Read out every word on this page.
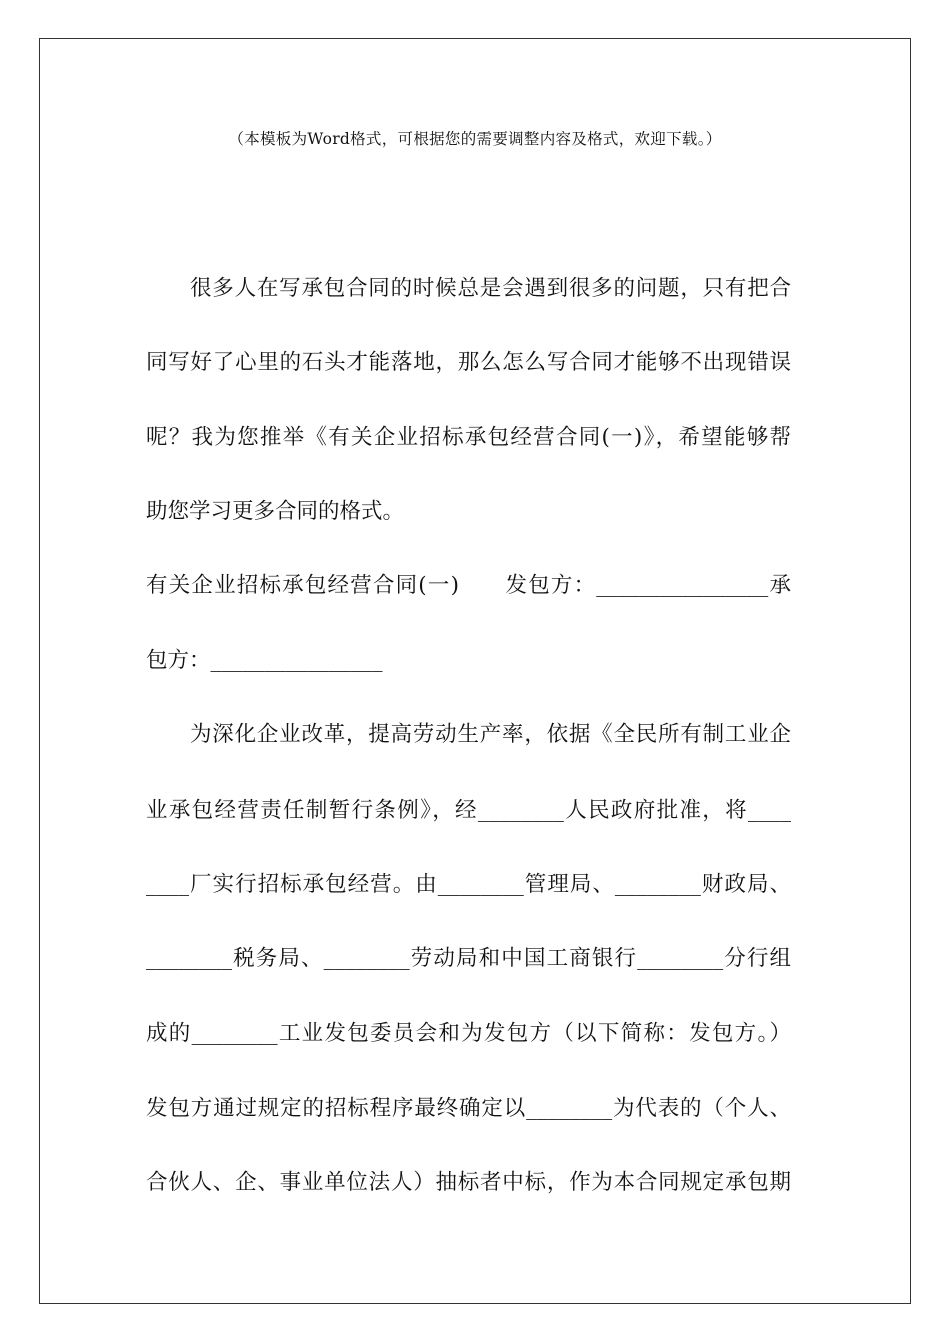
（本模板为Word格式，可根据您的需要调整内容及格式，欢迎下载。）
很多人在写承包合同的时候总是会遇到很多的问题，只有把合
同写好了心里的石头才能落地，那么怎么写合同才能够不出现错误
呢？我为您推举《有关企业招标承包经营合同(一)》，希望能够帮
助您学习更多合同的格式。
有关企业招标承包经营合同(一)　　发包方：________________承
包方：________________
为深化企业改革，提高劳动生产率，依据《全民所有制工业企
业承包经营责任制暂行条例》，经________人民政府批准，将____
____厂实行招标承包经营。由________管理局、________财政局、
________税务局、________劳动局和中国工商银行________分行组
成的________工业发包委员会和为发包方（以下简称：发包方。）
发包方通过规定的招标程序最终确定以________为代表的（个人、
合伙人、企、事业单位法人）抽标者中标，作为本合同规定承包期
